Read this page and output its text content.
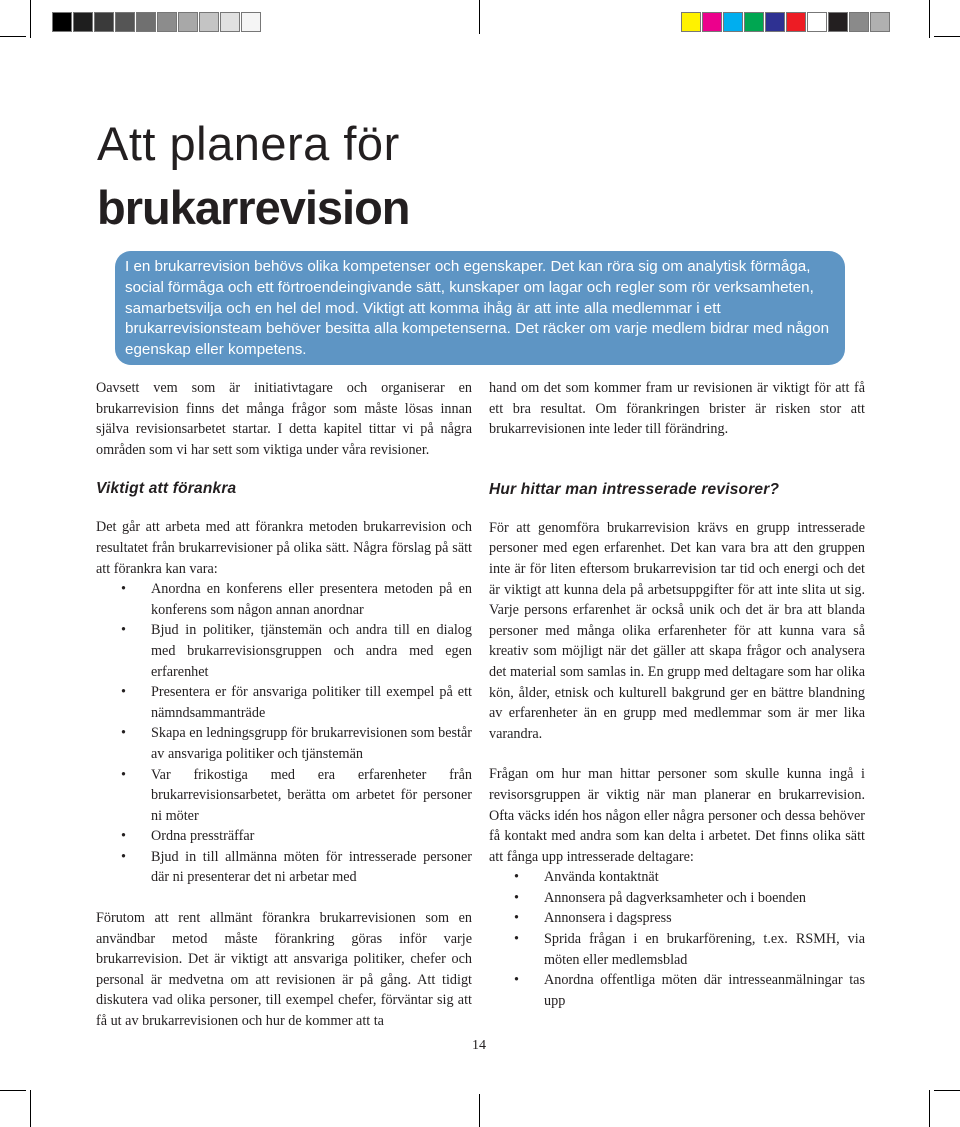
Att planera för
brukarrevision
I en brukarrevision behövs olika kompetenser och egenskaper. Det kan röra sig om analytisk förmåga, social förmåga och ett förtroendeingivande sätt, kunskaper om lagar och regler som rör verksamheten, samarbetsvilja och en hel del mod. Viktigt att komma ihåg är att inte alla medlemmar i ett brukarrevisionsteam behöver besitta alla kompetenserna. Det räcker om varje medlem bidrar med någon egenskap eller kompetens.

Oavsett vem som är initiativtagare och organiserar en brukarrevision finns det många frågor som måste lösas innan själva revisionsarbetet startar. I detta kapitel tittar vi på några områden som vi har sett som viktiga under våra revisioner.

Viktigt att förankra

Det går att arbeta med att förankra metoden brukarrevision och resultatet från brukarrevisioner på olika sätt. Några förslag på sätt att förankra kan vara:

• Anordna en konferens eller presentera metoden på en konferens som någon annan anordnar
• Bjud in politiker, tjänstemän och andra till en dialog med brukarrevisionsgruppen och andra med egen erfarenhet
• Presentera er för ansvariga politiker till exempel på ett nämndsammanträde
• Skapa en ledningsgrupp för brukarrevisionen som består av ansvariga politiker och tjänstemän
• Var frikostiga med era erfarenheter från brukarrevisionsarbetet, berätta om arbetet för personer ni möter
• Ordna pressträffar
• Bjud in till allmänna möten för intresserade personer där ni presenterar det ni arbetar med

Förutom att rent allmänt förankra brukarrevisionen som en användbar metod måste förankring göras inför varje brukarrevision. Det är viktigt att ansvariga politiker, chefer och personal är medvetna om att revisionen är på gång. Att tidigt diskutera vad olika personer, till exempel chefer, förväntar sig att få ut av brukarrevisionen och hur de kommer att ta

hand om det som kommer fram ur revisionen är viktigt för att få ett bra resultat. Om förankringen brister är risken stor att brukarrevisionen inte leder till förändring.

Hur hittar man intresserade revisorer?

För att genomföra brukarrevision krävs en grupp intresserade personer med egen erfarenhet. Det kan vara bra att den gruppen inte är för liten eftersom brukarrevision tar tid och energi och det är viktigt att kunna dela på arbetsuppgifter för att inte slita ut sig. Varje persons erfarenhet är också unik och det är bra att blanda personer med många olika erfarenheter för att kunna vara så kreativ som möjligt när det gäller att skapa frågor och analysera det material som samlas in. En grupp med deltagare som har olika kön, ålder, etnisk och kulturell bakgrund ger en bättre blandning av erfarenheter än en grupp med medlemmar som är mer lika varandra.

Frågan om hur man hittar personer som skulle kunna ingå i revisorsgruppen är viktig när man planerar en brukarrevision. Ofta väcks idén hos någon eller några personer och dessa behöver få kontakt med andra som kan delta i arbetet. Det finns olika sätt att fånga upp intresserade deltagare:

• Använda kontaktnät
• Annonsera på dagverksamheter och i boenden
• Annonsera i dagspress
• Sprida frågan i en brukarförening, t.ex. RSMH, via möten eller medlemsblad
• Anordna offentliga möten där intresseanmälningar tas upp
14
